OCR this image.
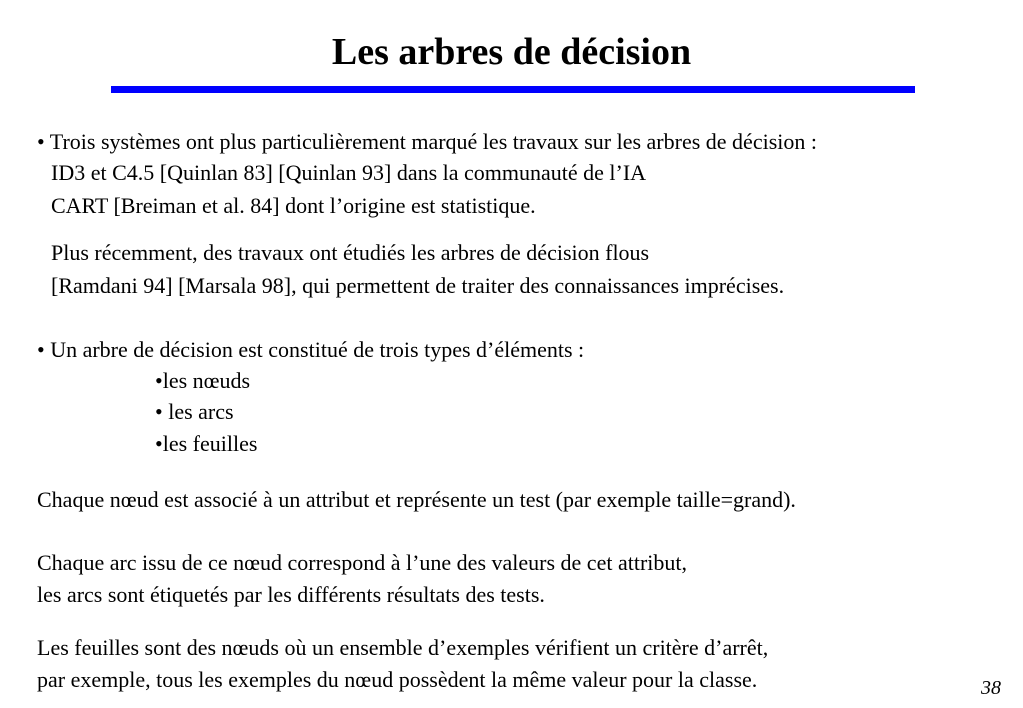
Les arbres de décision

• Trois systèmes ont plus particulièrement marqué les travaux sur les arbres de décision :

ID3 et C4.5 [Quinlan 83] [Quinlan 93] dans la communauté de l’IA

CART [Breiman et al. 84] dont l’origine est statistique.

Plus récemment, des travaux ont étudiés les arbres de décision flous

[Ramdani 94] [Marsala 98], qui permettent de traiter des connaissances imprécises.

• Un arbre de décision est constitué de trois types d’éléments :

•les nœuds

• les arcs

•les feuilles

Chaque nœud est associé à un attribut et représente un test (par exemple taille=grand).

Chaque arc issu de ce nœud correspond à l’une des valeurs de cet attribut,

les arcs sont étiquetés par les différents résultats des tests.

Les feuilles sont des nœuds où un ensemble d’exemples vérifient un critère d’arrêt,

par exemple, tous les exemples du nœud possèdent la même valeur pour la classe.	38
